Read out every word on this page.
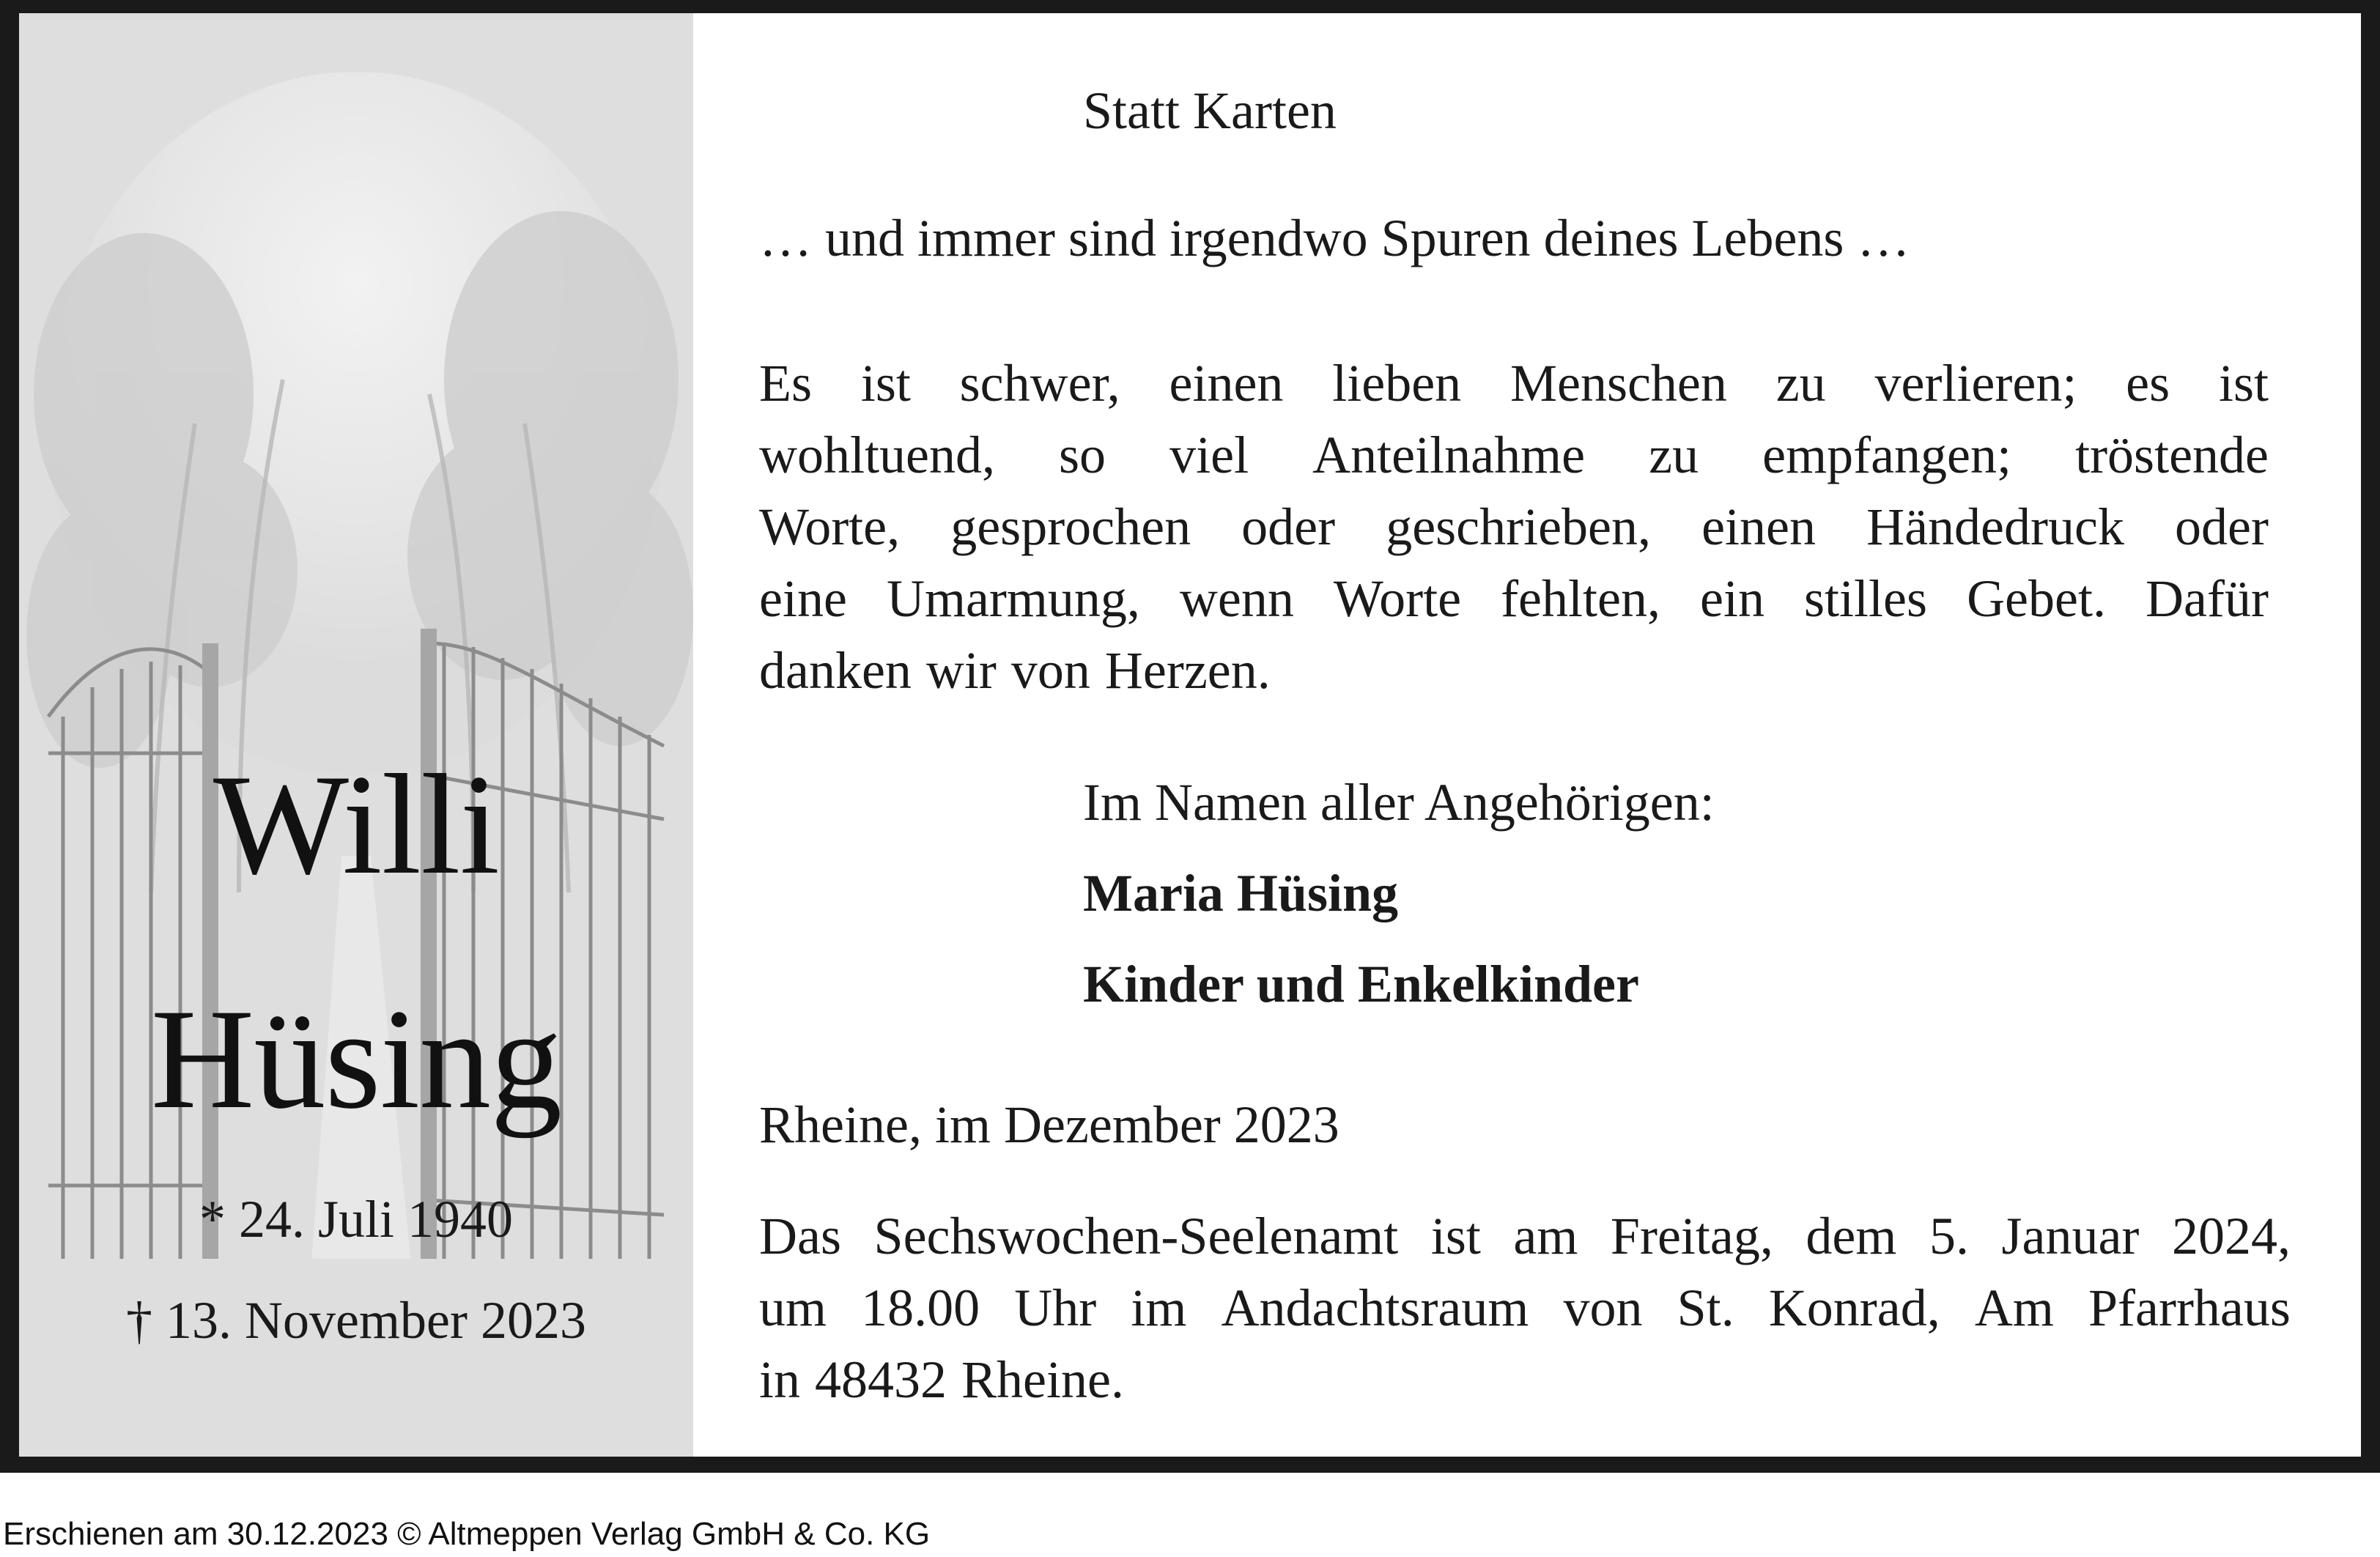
Willi
Hüsing
* 24. Juli 1940
† 13. November 2023
Statt Karten
… und immer sind irgendwo Spuren deines Lebens …
Es ist schwer, einen lieben Menschen zu verlieren; es ist
wohltuend, so viel Anteilnahme zu empfangen; tröstende
Worte, gesprochen oder geschrieben, einen Händedruck oder
eine Umarmung, wenn Worte fehlten, ein stilles Gebet. Dafür
danken wir von Herzen.
Im Namen aller Angehörigen:
Maria Hüsing
Kinder und Enkelkinder
Rheine, im Dezember 2023
Das Sechswochen-Seelenamt ist am Freitag, dem 5. Januar 2024,
um 18.00 Uhr im Andachtsraum von St. Konrad, Am Pfarrhaus
in 48432 Rheine.
Erschienen am 30.12.2023 © Altmeppen Verlag GmbH & Co. KG
